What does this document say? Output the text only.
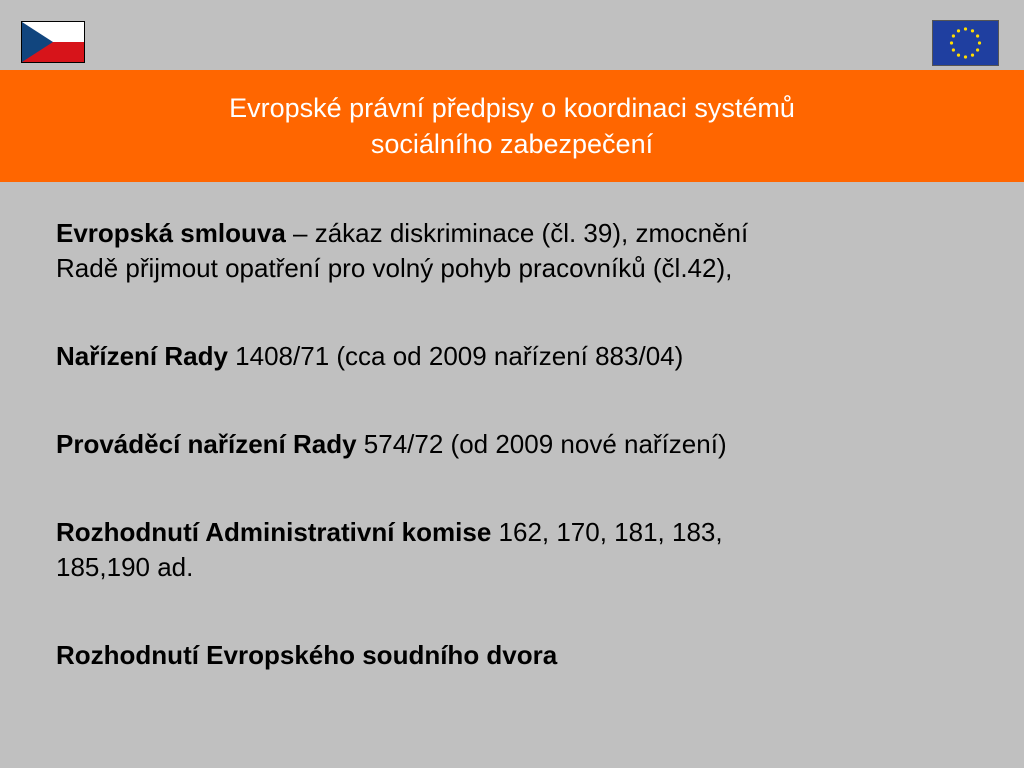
Evropské právní předpisy o koordinaci systémů
sociálního zabezpečení

Evropská smlouva – zákaz diskriminace (čl. 39), zmocnění
Radě přijmout opatření pro volný pohyb pracovníků (čl.42),

Nařízení Rady 1408/71 (cca od 2009 nařízení 883/04)

Prováděcí nařízení Rady 574/72 (od 2009 nové nařízení)

Rozhodnutí Administrativní komise 162, 170, 181, 183,
185,190 ad.

Rozhodnutí Evropského soudního dvora
